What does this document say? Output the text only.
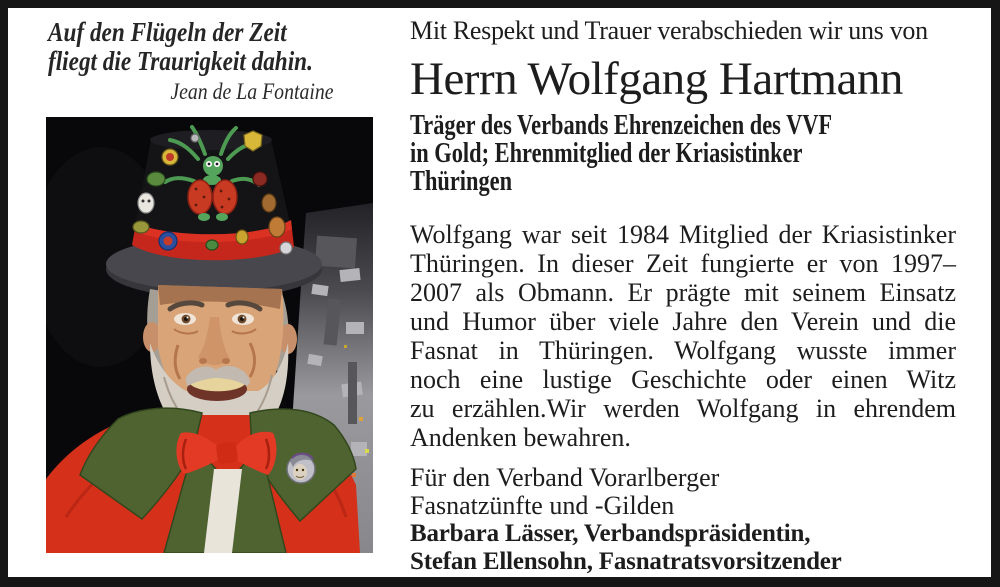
Auf den Flügeln der Zeit
fliegt die Traurigkeit dahin.
Jean de La Fontaine
Mit Respekt und Trauer verabschieden wir uns von
Herrn Wolfgang Hartmann
Träger des Verbands Ehrenzeichen des VVF
in Gold; Ehrenmitglied der Kriasistinker
Thüringen
Wolfgang war seit 1984 Mitglied der Kriasistinker
Thüringen. In dieser Zeit fungierte er von 1997–
2007 als Obmann. Er prägte mit seinem Einsatz
und Humor über viele Jahre den Verein und die
Fasnat in Thüringen. Wolfgang wusste immer
noch eine lustige Geschichte oder einen Witz
zu erzählen.Wir werden Wolfgang in ehrendem
Andenken bewahren.
Für den Verband Vorarlberger
Fasnatzünfte und -Gilden
Barbara Lässer, Verbandspräsidentin,
Stefan Ellensohn, Fasnatratsvorsitzender
